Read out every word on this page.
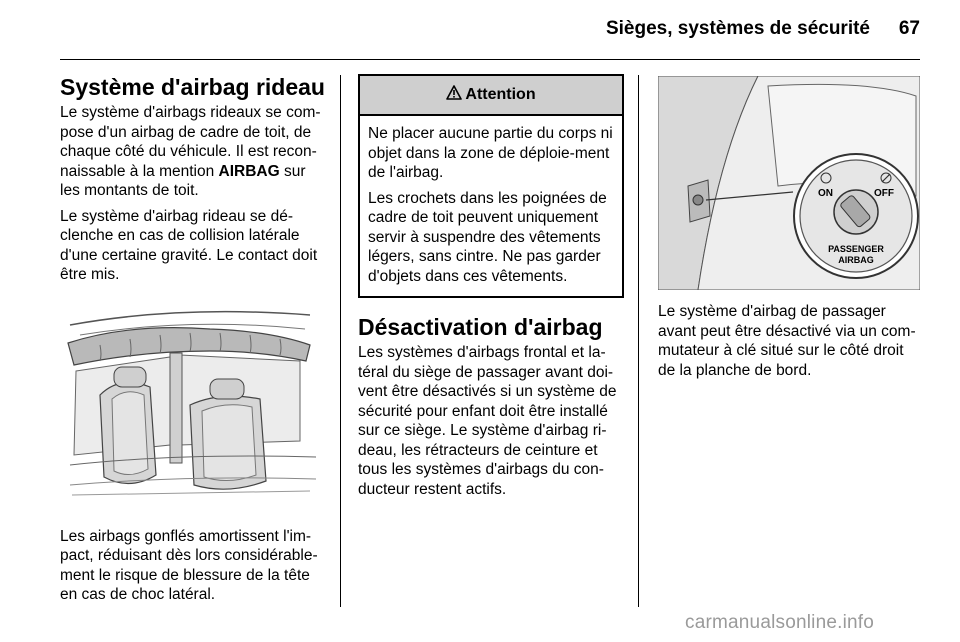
Sièges, systèmes de sécurité	67
Système d'airbag rideau

Le système d'airbags rideaux se com-pose d'un airbag de cadre de toit, de chaque côté du véhicule. Il est recon-naissable à la mention AIRBAG sur les montants de toit.

Le système d'airbag rideau se dé-clenche en cas de collision latérale d'une certaine gravité. Le contact doit être mis.

Les airbags gonflés amortissent l'im-pact, réduisant dès lors considérable-ment le risque de blessure de la tête en cas de choc latéral.

Attention

Ne placer aucune partie du corps ni objet dans la zone de déploie-ment de l'airbag.

Les crochets dans les poignées de cadre de toit peuvent uniquement servir à suspendre des vêtements légers, sans cintre. Ne pas garder d'objets dans ces vêtements.

Désactivation d'airbag

Les systèmes d'airbags frontal et la-téral du siège de passager avant doi-vent être désactivés si un système de sécurité pour enfant doit être installé sur ce siège. Le système d'airbag ri-deau, les rétracteurs de ceinture et tous les systèmes d'airbags du con-ducteur restent actifs.

ON	OFF
PASSENGER
AIRBAG

Le système d'airbag de passager avant peut être désactivé via un com-mutateur à clé situé sur le côté droit de la planche de bord.

carmanualsonline.info
